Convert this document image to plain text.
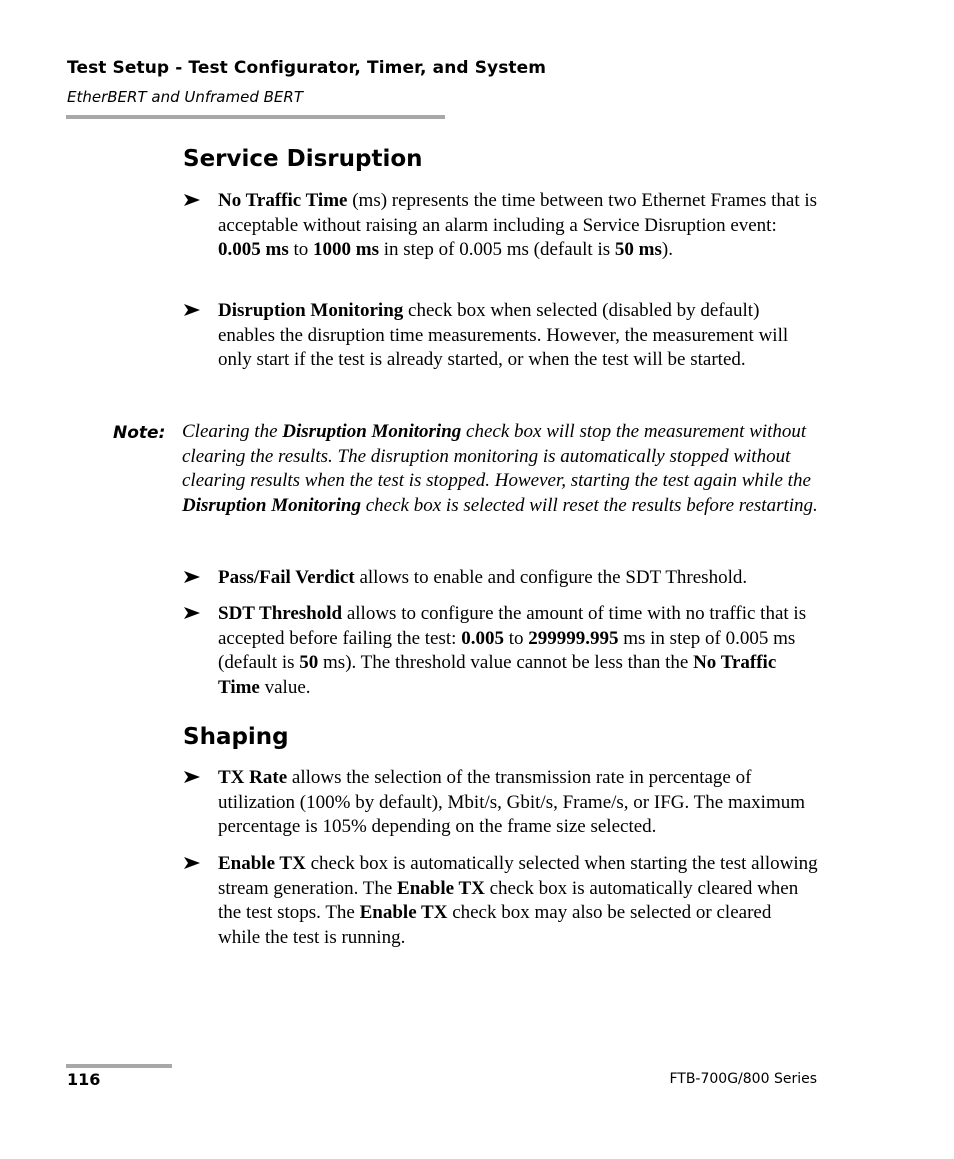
Test Setup - Test Configurator, Timer, and System
EtherBERT and Unframed BERT
Service Disruption
No Traffic Time (ms) represents the time between two Ethernet Frames that is acceptable without raising an alarm including a Service Disruption event: 0.005 ms to 1000 ms in step of 0.005 ms (default is 50 ms).
Disruption Monitoring check box when selected (disabled by default) enables the disruption time measurements. However, the measurement will only start if the test is already started, or when the test will be started.
Note: Clearing the Disruption Monitoring check box will stop the measurement without clearing the results. The disruption monitoring is automatically stopped without clearing results when the test is stopped. However, starting the test again while the Disruption Monitoring check box is selected will reset the results before restarting.
Pass/Fail Verdict allows to enable and configure the SDT Threshold.
SDT Threshold allows to configure the amount of time with no traffic that is accepted before failing the test: 0.005 to 299999.995 ms in step of 0.005 ms (default is 50 ms). The threshold value cannot be less than the No Traffic Time value.
Shaping
TX Rate allows the selection of the transmission rate in percentage of utilization (100% by default), Mbit/s, Gbit/s, Frame/s, or IFG. The maximum percentage is 105% depending on the frame size selected.
Enable TX check box is automatically selected when starting the test allowing stream generation. The Enable TX check box is automatically cleared when the test stops. The Enable TX check box may also be selected or cleared while the test is running.
116	FTB-700G/800 Series
